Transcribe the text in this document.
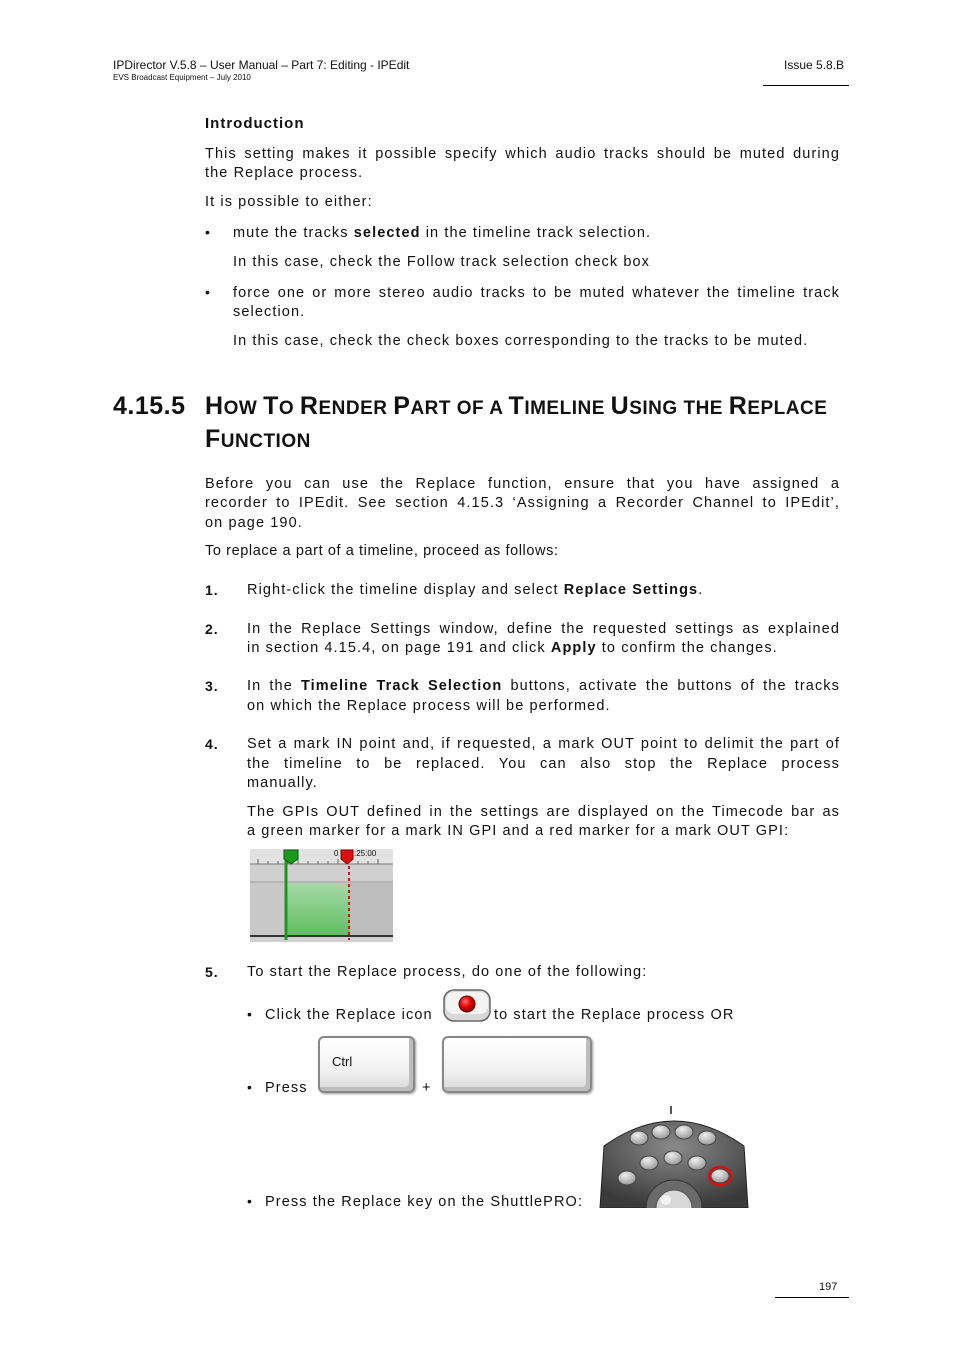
IPDirector V.5.8 – User Manual – Part 7: Editing - IPEdit
EVS Broadcast Equipment – July 2010
Issue 5.8.B
Introduction
This setting makes it possible specify which audio tracks should be muted during
the Replace process.
It is possible to either:
• mute the tracks selected in the timeline track selection.
In this case, check the Follow track selection check box
• force one or more stereo audio tracks to be muted whatever the timeline track
selection.
In this case, check the check boxes corresponding to the tracks to be muted.
4.15.5 HOW TO RENDER PART OF A TIMELINE USING THE REPLACE
FUNCTION
Before you can use the Replace function, ensure that you have assigned a
recorder to IPEdit. See section 4.15.3 ‘Assigning a Recorder Channel to IPEdit’,
on page 190.
To replace a part of a timeline, proceed as follows:
1. Right-click the timeline display and select Replace Settings.
2. In the Replace Settings window, define the requested settings as explained
in section 4.15.4, on page 191 and click Apply to confirm the changes.
3. In the Timeline Track Selection buttons, activate the buttons of the tracks
on which the Replace process will be performed.
4. Set a mark IN point and, if requested, a mark OUT point to delimit the part of
the timeline to be replaced. You can also stop the Replace process
manually.
The GPIs OUT defined in the settings are displayed on the Timecode bar as
a green marker for a mark IN GPI and a red marker for a mark OUT GPI:
0 :25:00
5. To start the Replace process, do one of the following:
• Click the Replace icon	to start the Replace process OR
• Press
Ctrl
+
• Press the Replace key on the ShuttlePRO:
197
